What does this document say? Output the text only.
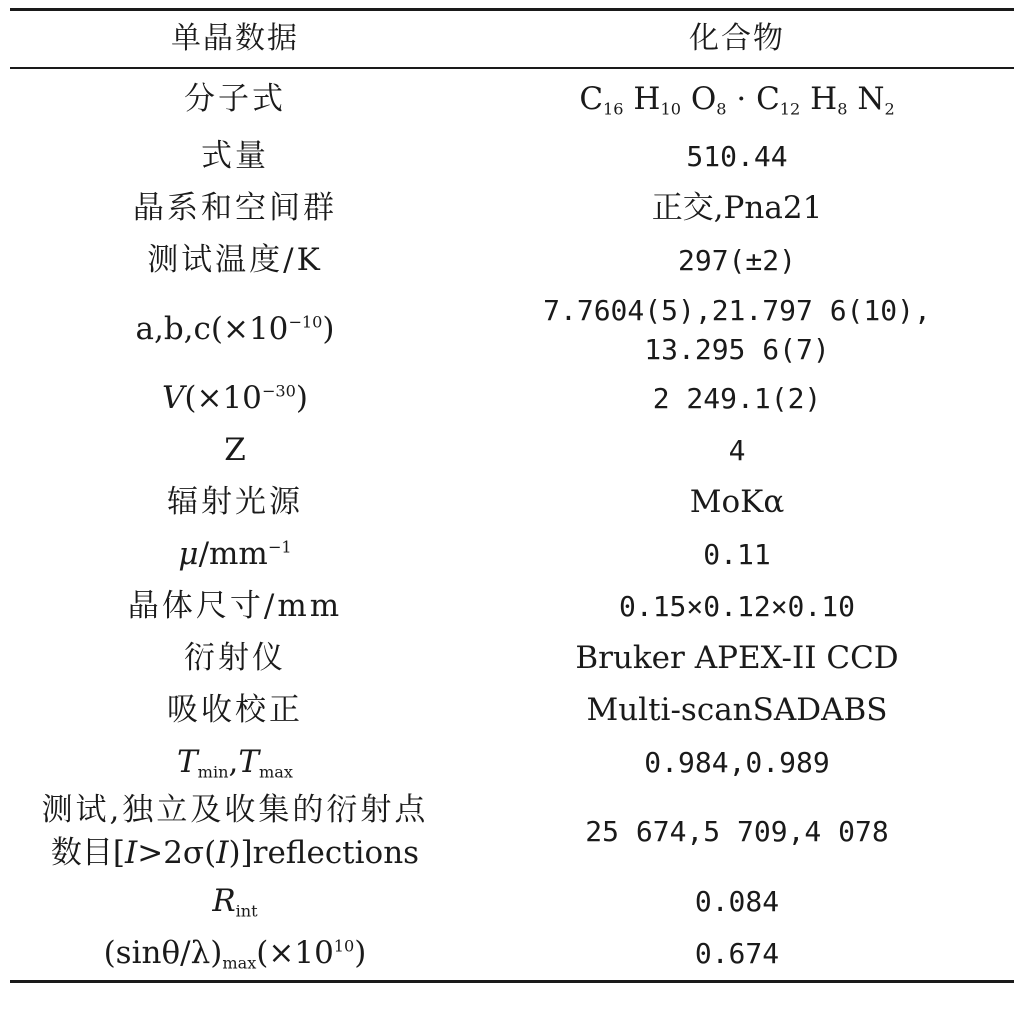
单晶数据	化合物
分子式	$C_{16}$ $H_{10}$ $O_8 \cdot C_{12}$ $H_8$ $N_2$
式量	510.44
晶系和空间群	正交,Pna21
测试温度/K	297(±2)
$a,b,c(\times 10^{-10})$	7.7604(5),21.797 6(10),
13.295 6(7)
$V(\times 10^{-30})$	2 249.1(2)
Z	4
辐射光源	MoKα
$\mu/mm^{-1}$	0.11
晶体尺寸/mm	0.15×0.12×0.10
衍射仪	Bruker APEX-II CCD
吸收校正	Multi-scanSADABS
$T_{min},T_{max}$	0.984,0.989
测试,独立及收集的衍射点
数目[I>2σ(I)]reflections	25 674,5 709,4 078
$R_{int}$	0.084
$(\sin\theta/\lambda)_{max}(\times 10^{10})$	0.674
